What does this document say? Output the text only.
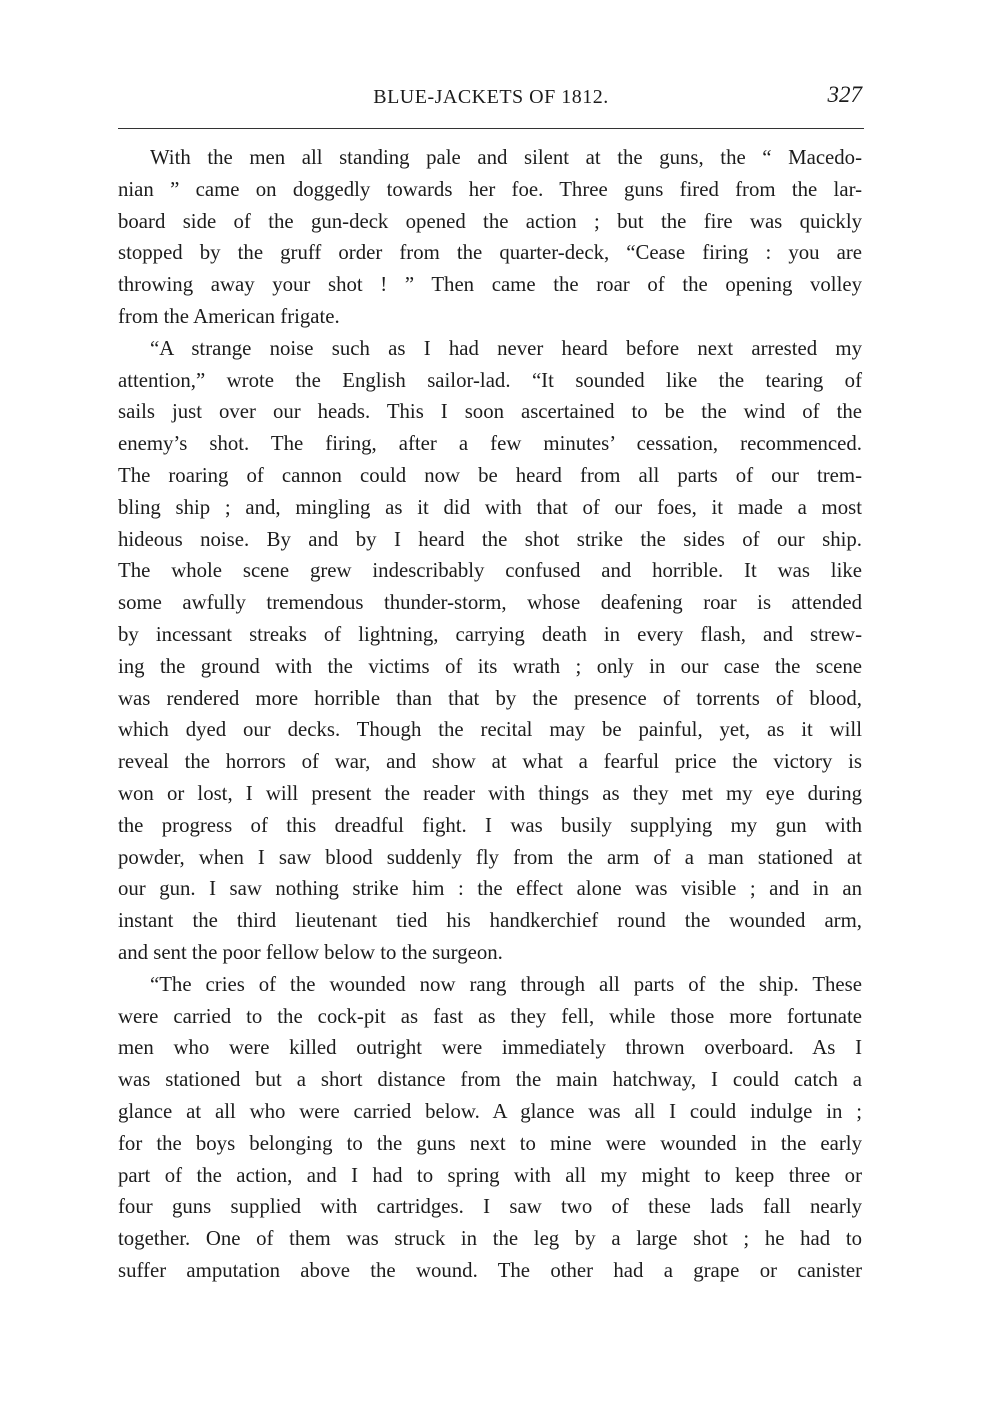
BLUE-JACKETS OF 1812.	327
With the men all standing pale and silent at the guns, the “ Macedo-
nian ” came on doggedly towards her foe. Three guns fired from the lar-
board side of the gun-deck opened the action ; but the fire was quickly
stopped by the gruff order from the quarter-deck, “Cease firing : you are
throwing away your shot ! ” Then came the roar of the opening volley
from the American frigate.
“A strange noise such as I had never heard before next arrested my
attention,” wrote the English sailor-lad. “It sounded like the tearing of
sails just over our heads. This I soon ascertained to be the wind of the
enemy’s shot. The firing, after a few minutes’ cessation, recommenced.
The roaring of cannon could now be heard from all parts of our trem-
bling ship ; and, mingling as it did with that of our foes, it made a most
hideous noise. By and by I heard the shot strike the sides of our ship.
The whole scene grew indescribably confused and horrible. It was like
some awfully tremendous thunder-storm, whose deafening roar is attended
by incessant streaks of lightning, carrying death in every flash, and strew-
ing the ground with the victims of its wrath ; only in our case the scene
was rendered more horrible than that by the presence of torrents of blood,
which dyed our decks. Though the recital may be painful, yet, as it will
reveal the horrors of war, and show at what a fearful price the victory is
won or lost, I will present the reader with things as they met my eye during
the progress of this dreadful fight. I was busily supplying my gun with
powder, when I saw blood suddenly fly from the arm of a man stationed at
our gun. I saw nothing strike him : the effect alone was visible ; and in an
instant the third lieutenant tied his handkerchief round the wounded arm,
and sent the poor fellow below to the surgeon.
“The cries of the wounded now rang through all parts of the ship. These
were carried to the cock-pit as fast as they fell, while those more fortunate
men who were killed outright were immediately thrown overboard. As I
was stationed but a short distance from the main hatchway, I could catch a
glance at all who were carried below. A glance was all I could indulge in ;
for the boys belonging to the guns next to mine were wounded in the early
part of the action, and I had to spring with all my might to keep three or
four guns supplied with cartridges. I saw two of these lads fall nearly
together. One of them was struck in the leg by a large shot ; he had to
suffer amputation above the wound. The other had a grape or canister
